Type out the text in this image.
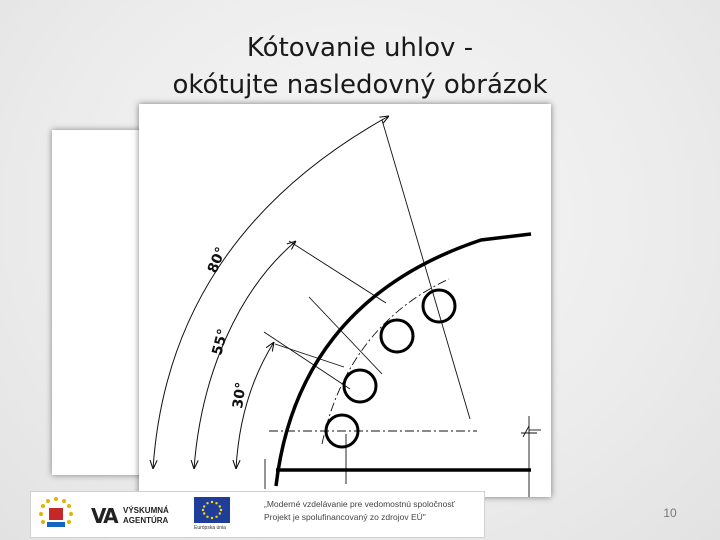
Kótovanie uhlov -
okótujte nasledovný obrázok
80°
55°
30°
VA VÝSKUMNÁ
AGENTÚRA
Európska únia
„Moderné vzdelávanie pre vedomostnú spoločnosť
Projekt je spolufinancovaný zo zdrojov EÚ"	10
